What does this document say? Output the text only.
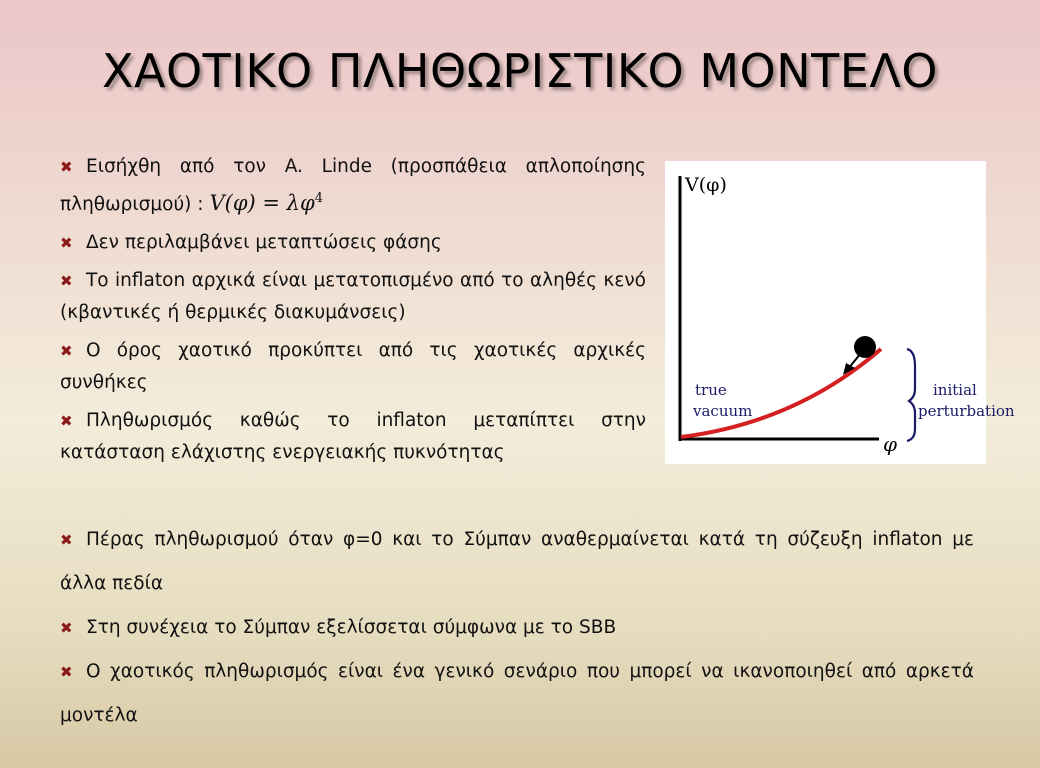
ΧΑΟΤΙΚΟ ΠΛΗΘΩΡΙΣΤΙΚΟ ΜΟΝΤΕΛΟ
✖ Εισήχθη από τον A. Linde (προσπάθεια απλοποίησης πληθωρισμού) : $V(\varphi) = \lambda\varphi^4$
✖ Δεν περιλαμβάνει μεταπτώσεις φάσης
✖ Το inflaton αρχικά είναι μετατοπισμένο από το αληθές κενό (κβαντικές ή θερμικές διακυμάνσεις)
✖ Ο όρος χαοτικό προκύπτει από τις χαοτικές αρχικές συνθήκες
✖ Πληθωρισμός καθώς το inflaton μεταπίπτει στην κατάσταση ελάχιστης ενεργειακής πυκνότητας
V(φ)
φ
true
vacuum
initial
perturbation
✖ Πέρας πληθωρισμού όταν φ=0 και το Σύμπαν αναθερμαίνεται κατά τη σύζευξη inflaton με άλλα πεδία
✖ Στη συνέχεια το Σύμπαν εξελίσσεται σύμφωνα με το SBB
✖ Ο χαοτικός πληθωρισμός είναι ένα γενικό σενάριο που μπορεί να ικανοποιηθεί από αρκετά μοντέλα
